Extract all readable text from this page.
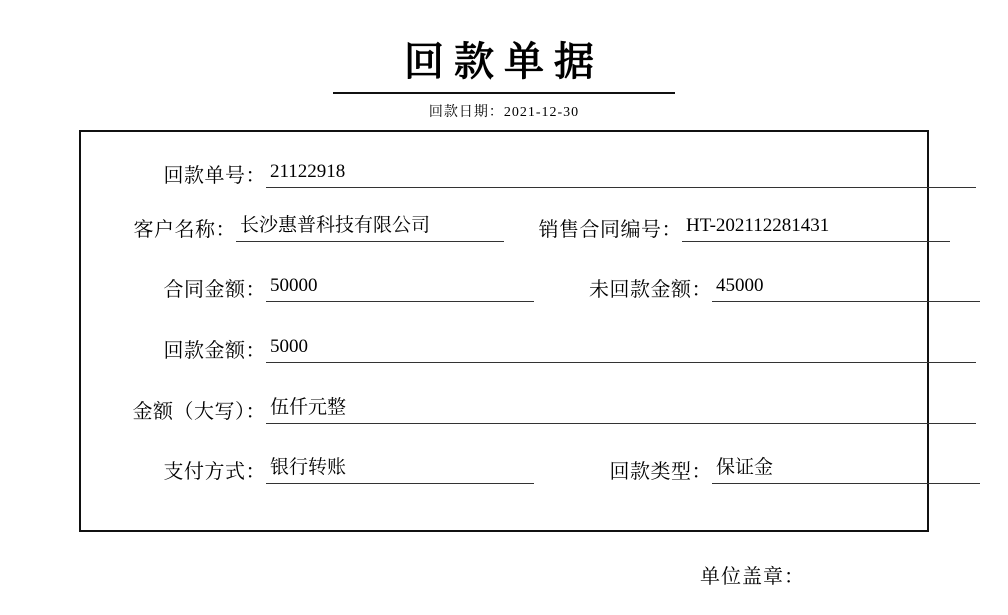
回款单据
回款日期：2021-12-30
回款单号： 21122918
客户名称： 长沙惠普科技有限公司	销售合同编号： HT-202112281431
合同金额： 50000	未回款金额： 45000
回款金额： 5000
金额（大写）： 伍仟元整
支付方式： 银行转账	回款类型： 保证金
单位盖章：
